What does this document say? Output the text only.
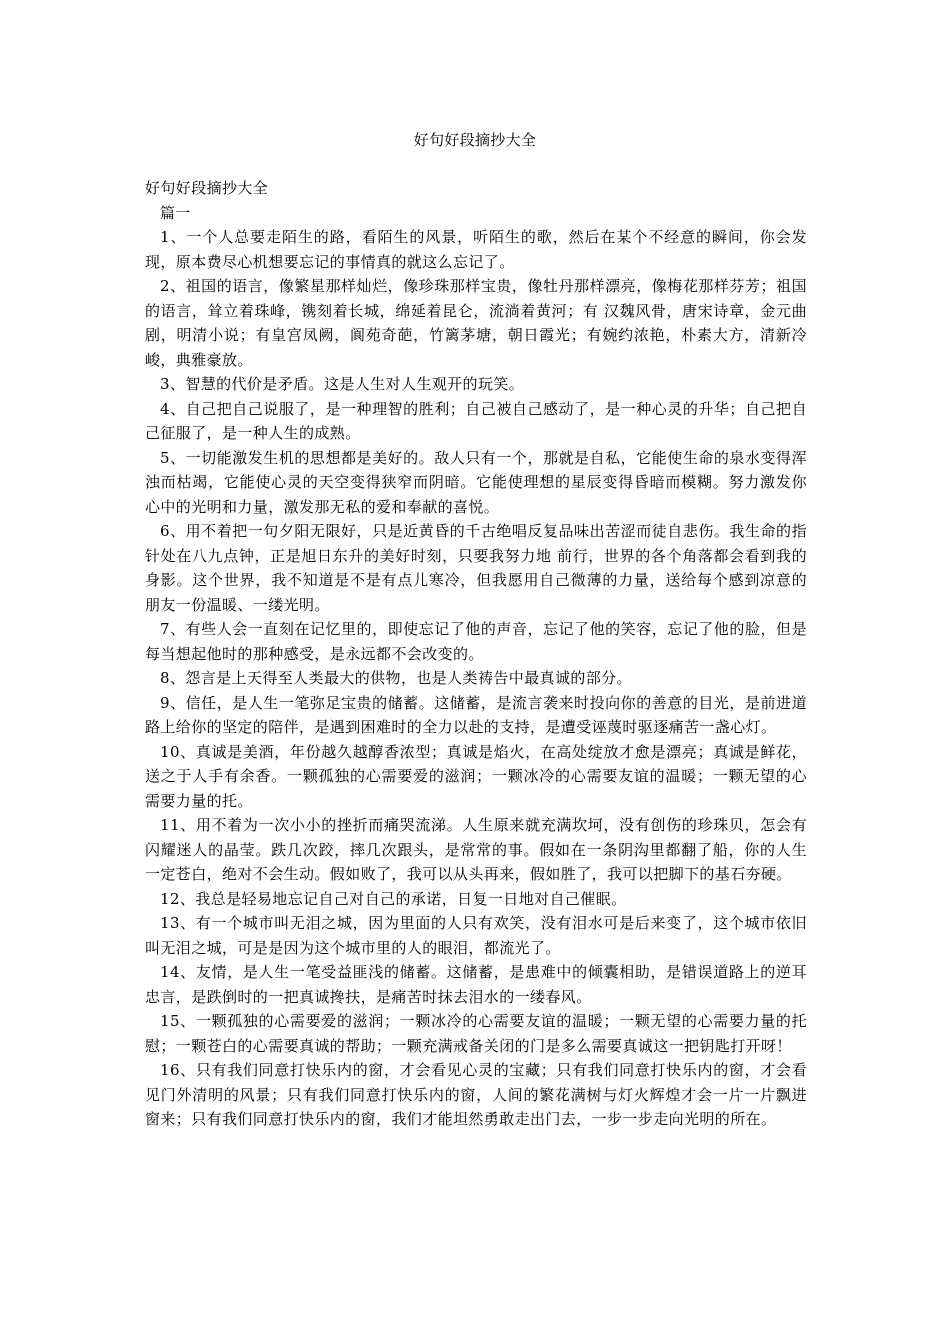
好句好段摘抄大全

好句好段摘抄大全

篇一

1、一个人总要走陌生的路，看陌生的风景，听陌生的歌，然后在某个不经意的瞬间，你会发现，原本费尽心机想要忘记的事情真的就这么忘记了。

2、祖国的语言，像繁星那样灿烂，像珍珠那样宝贵，像牡丹那样漂亮，像梅花那样芬芳；祖国的语言，耸立着珠峰，镌刻着长城，绵延着昆仑，流淌着黄河；有 汉魏风骨，唐宋诗章，金元曲剧，明清小说；有皇宫凤阙，阆苑奇葩，竹篱茅塘，朝日霞光；有婉约浓艳，朴素大方，清新冷峻，典雅豪放。

3、智慧的代价是矛盾。这是人生对人生观开的玩笑。

4、自己把自己说服了，是一种理智的胜利；自己被自己感动了，是一种心灵的升华；自己把自己征服了，是一种人生的成熟。

5、一切能激发生机的思想都是美好的。敌人只有一个，那就是自私，它能使生命的泉水变得浑浊而枯竭，它能使心灵的天空变得狭窄而阴暗。它能使理想的星辰变得昏暗而模糊。努力激发你心中的光明和力量，激发那无私的爱和奉献的喜悦。

6、用不着把一句夕阳无限好，只是近黄昏的千古绝唱反复品味出苦涩而徒自悲伤。我生命的指针处在八九点钟，正是旭日东升的美好时刻，只要我努力地 前行，世界的各个角落都会看到我的身影。这个世界，我不知道是不是有点儿寒冷，但我愿用自己微薄的力量，送给每个感到凉意的朋友一份温暖、一缕光明。

7、有些人会一直刻在记忆里的，即使忘记了他的声音，忘记了他的笑容，忘记了他的脸，但是每当想起他时的那种感受，是永远都不会改变的。

8、怨言是上天得至人类最大的供物，也是人类祷告中最真诚的部分。

9、信任，是人生一笔弥足宝贵的储蓄。这储蓄，是流言袭来时投向你的善意的目光，是前进道路上给你的坚定的陪伴，是遇到困难时的全力以赴的支持，是遭受诬蔑时驱逐痛苦一盏心灯。

10、真诚是美酒，年份越久越醇香浓型；真诚是焰火，在高处绽放才愈是漂亮；真诚是鲜花，送之于人手有余香。一颗孤独的心需要爱的滋润；一颗冰冷的心需要友谊的温暖；一颗无望的心需要力量的托。

11、用不着为一次小小的挫折而痛哭流涕。人生原来就充满坎坷，没有创伤的珍珠贝，怎会有闪耀迷人的晶莹。跌几次跤，摔几次跟头，是常常的事。假如在一条阴沟里都翻了船，你的人生一定苍白，绝对不会生动。假如败了，我可以从头再来，假如胜了，我可以把脚下的基石夯硬。

12、我总是轻易地忘记自己对自己的承诺，日复一日地对自己催眠。

13、有一个城市叫无泪之城，因为里面的人只有欢笑，没有泪水可是后来变了，这个城市依旧叫无泪之城，可是是因为这个城市里的人的眼泪，都流光了。

14、友情，是人生一笔受益匪浅的储蓄。这储蓄，是患难中的倾囊相助，是错误道路上的逆耳忠言，是跌倒时的一把真诚搀扶，是痛苦时抹去泪水的一缕春风。

15、一颗孤独的心需要爱的滋润；一颗冰冷的心需要友谊的温暖；一颗无望的心需要力量的托慰；一颗苍白的心需要真诚的帮助；一颗充满戒备关闭的门是多么需要真诚这一把钥匙打开呀！

16、只有我们同意打快乐内的窗，才会看见心灵的宝藏；只有我们同意打快乐内的窗，才会看见门外清明的风景；只有我们同意打快乐内的窗，人间的繁花满树与灯火辉煌才会一片一片飘进窗来；只有我们同意打快乐内的窗，我们才能坦然勇敢走出门去，一步一步走向光明的所在。
